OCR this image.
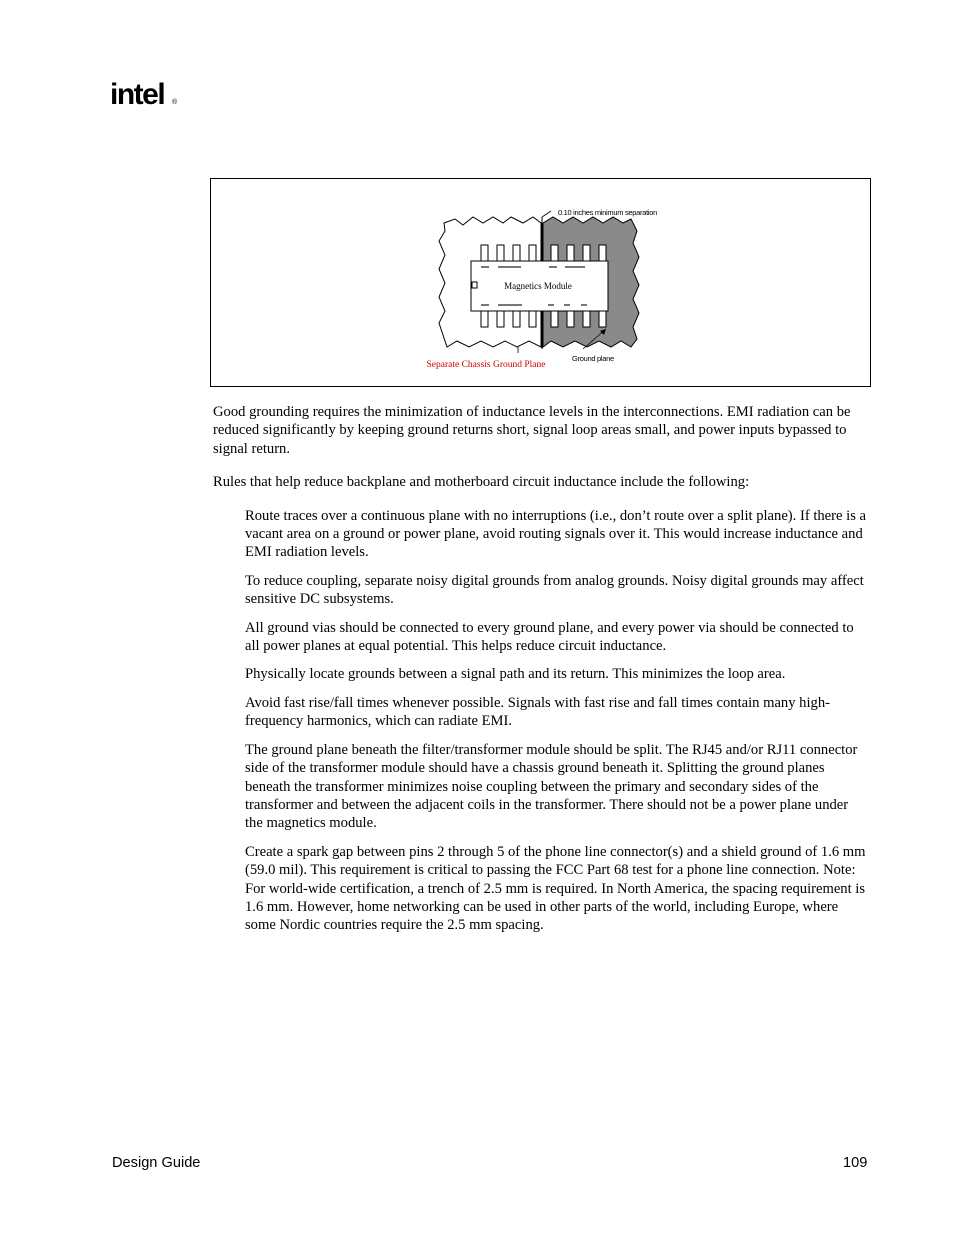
intel ®
Magnetics Module
0.10 inches minimum separation
Separate Chassis Ground Plane
Ground plane

Good grounding requires the minimization of inductance levels in the interconnections. EMI radiation can be reduced significantly by keeping ground returns short, signal loop areas small, and power inputs bypassed to signal return.

Rules that help reduce backplane and motherboard circuit inductance include the following:

Route traces over a continuous plane with no interruptions (i.e., don’t route over a split plane). If there is a vacant area on a ground or power plane, avoid routing signals over it. This would increase inductance and EMI radiation levels.
To reduce coupling, separate noisy digital grounds from analog grounds. Noisy digital grounds may affect sensitive DC subsystems.
All ground vias should be connected to every ground plane, and every power via should be connected to all power planes at equal potential. This helps reduce circuit inductance.
Physically locate grounds between a signal path and its return. This minimizes the loop area.
Avoid fast rise/fall times whenever possible. Signals with fast rise and fall times contain many high-frequency harmonics, which can radiate EMI.
The ground plane beneath the filter/transformer module should be split. The RJ45 and/or RJ11 connector side of the transformer module should have a chassis ground beneath it. Splitting the ground planes beneath the transformer minimizes noise coupling between the primary and secondary sides of the transformer and between the adjacent coils in the transformer. There should not be a power plane under the magnetics module.
Create a spark gap between pins 2 through 5 of the phone line connector(s) and a shield ground of 1.6 mm (59.0 mil). This requirement is critical to passing the FCC Part 68 test for a phone line connection. Note: For world-wide certification, a trench of 2.5 mm is required. In North America, the spacing requirement is 1.6 mm. However, home networking can be used in other parts of the world, including Europe, where some Nordic countries require the 2.5 mm spacing.
Design Guide	109
